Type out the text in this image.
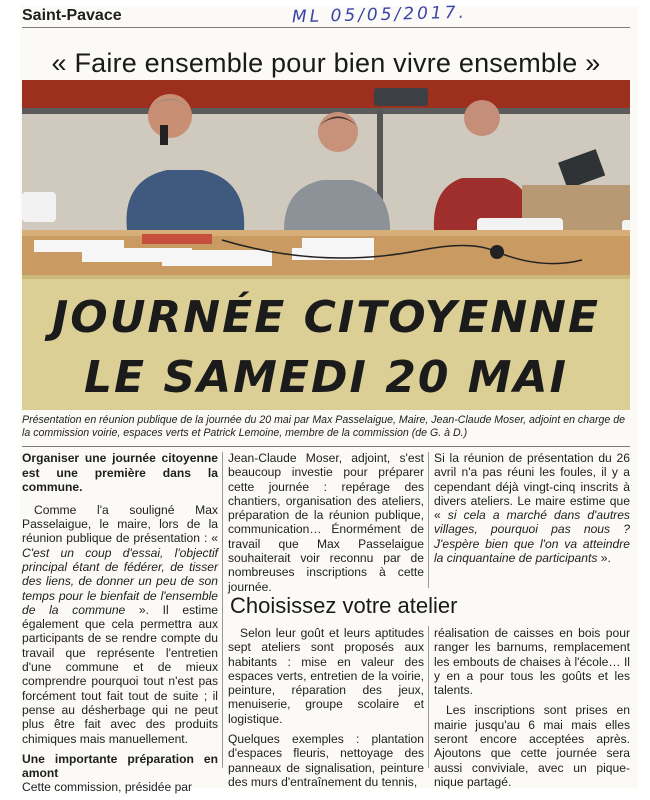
Saint-Pavace	ML 05/05/2017.
« Faire ensemble pour bien vivre ensemble »
JOURNÉE CITOYENNE
LE SAMEDI 20 MAI
Présentation en réunion publique de la journée du 20 mai par Max Passelaigue, Maire, Jean-Claude Moser, adjoint en charge de la commission voirie, espaces verts et Patrick Lemoine, membre de la commission (de G. à D.)
Organiser une journée citoyenne est une première dans la commune.

Comme l'a souligné Max Passelaigue, le maire, lors de la réunion publique de présentation : « C'est un coup d'essai, l'objectif principal étant de fédérer, de tisser des liens, de donner un peu de son temps pour le bienfait de l'ensemble de la commune ». Il estime également que cela permettra aux participants de se rendre compte du travail que représente l'entretien d'une commune et de mieux comprendre pourquoi tout n'est pas forcément tout fait tout de suite ; il pense au désherbage qui ne peut plus être fait avec des produits chimiques mais manuellement.

Une importante préparation en amont

Cette commission, présidée par

Jean-Claude Moser, adjoint, s'est beaucoup investie pour préparer cette journée : repérage des chantiers, organisation des ateliers, préparation de la réunion publique, communication… Énormément de travail que Max Passelaigue souhaiterait voir reconnu par de nombreuses inscriptions à cette journée.

Si la réunion de présentation du 26 avril n'a pas réuni les foules, il y a cependant déjà vingt-cinq inscrits à divers ateliers. Le maire estime que « si cela a marché dans d'autres villages, pourquoi pas nous ? J'espère bien que l'on va atteindre la cinquantaine de participants ».

Choisissez votre atelier

Selon leur goût et leurs aptitudes sept ateliers sont proposés aux habitants : mise en valeur des espaces verts, entretien de la voirie, peinture, réparation des jeux, menuiserie, groupe scolaire et logistique.

Quelques exemples : plantation d'espaces fleuris, nettoyage des panneaux de signalisation, peinture des murs d'entraînement du tennis,

réalisation de caisses en bois pour ranger les barnums, remplacement les embouts de chaises à l'école… Il y en a pour tous les goûts et les talents.

Les inscriptions sont prises en mairie jusqu'au 6 mai mais elles seront encore acceptées après. Ajoutons que cette journée sera aussi conviviale, avec un pique-nique partagé.
